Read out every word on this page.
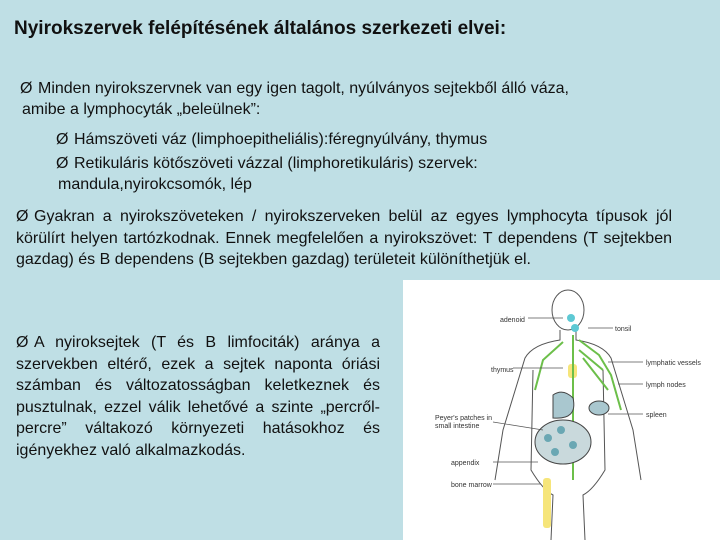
Nyirokszervek felépítésének általános szerkezeti elvei:
Ø Minden nyirokszervnek van egy igen tagolt, nyúlványos sejtekből álló váza,
amibe a lymphocyták „beleülnek”:
Ø Hámszöveti váz (limphoepitheliális):féregnyúlvány, thymus
Ø Retikuláris kötőszöveti vázzal (limphoretikuláris) szervek:
mandula,nyirokcsomók, lép
Ø Gyakran a nyirokszöveteken / nyirokszerveken belül az egyes lymphocyta típusok jól körülírt helyen tartózkodnak. Ennek megfelelően a nyirokszövet: T dependens (T sejtekben gazdag) és B dependens (B sejtekben gazdag) területeit különíthetjük el.
Ø A nyiroksejtek (T és B limfociták) aránya a szervekben eltérő, ezek a sejtek naponta óriási számban és változatosságban keletkeznek és pusztulnak, ezzel válik lehetővé a szinte „percről-percre” váltakozó környezeti hatásokhoz és igényekhez való alkalmazkodás.
adenoid
tonsil
thymus
lymphatic vessels
lymph nodes
spleen
Peyer's patches in
small intestine
appendix
bone marrow
